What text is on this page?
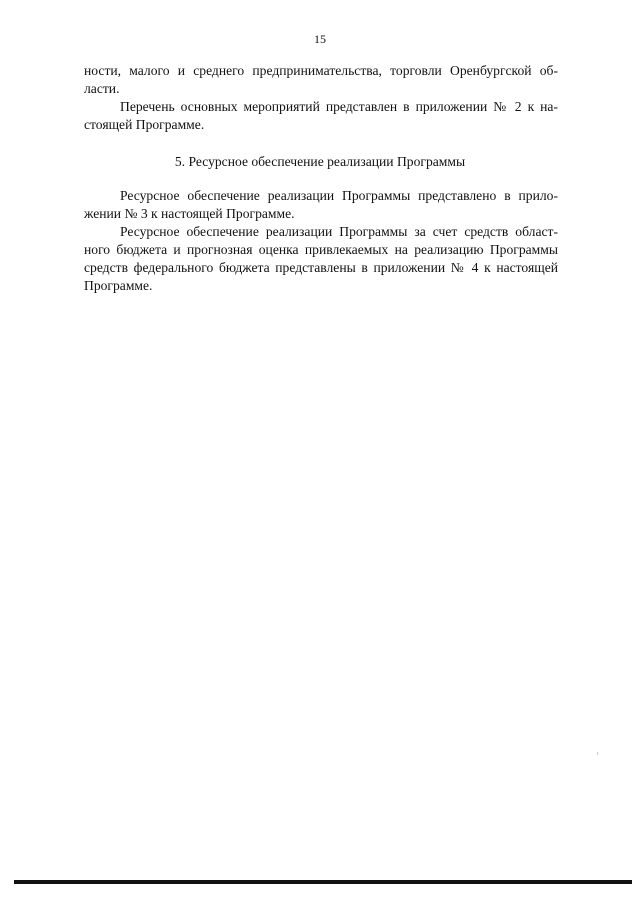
15
ности, малого и среднего предпринимательства, торговли Оренбургской об-
ласти.
Перечень основных мероприятий представлен в приложении № 2 к на-
стоящей Программе.
5. Ресурсное обеспечение реализации Программы
Ресурсное обеспечение реализации Программы представлено в прило-
жении № 3 к настоящей Программе.
Ресурсное обеспечение реализации Программы за счет средств област-
ного бюджета и прогнозная оценка привлекаемых на реализацию Программы
средств федерального бюджета представлены в приложении № 4 к настоящей
Программе.
